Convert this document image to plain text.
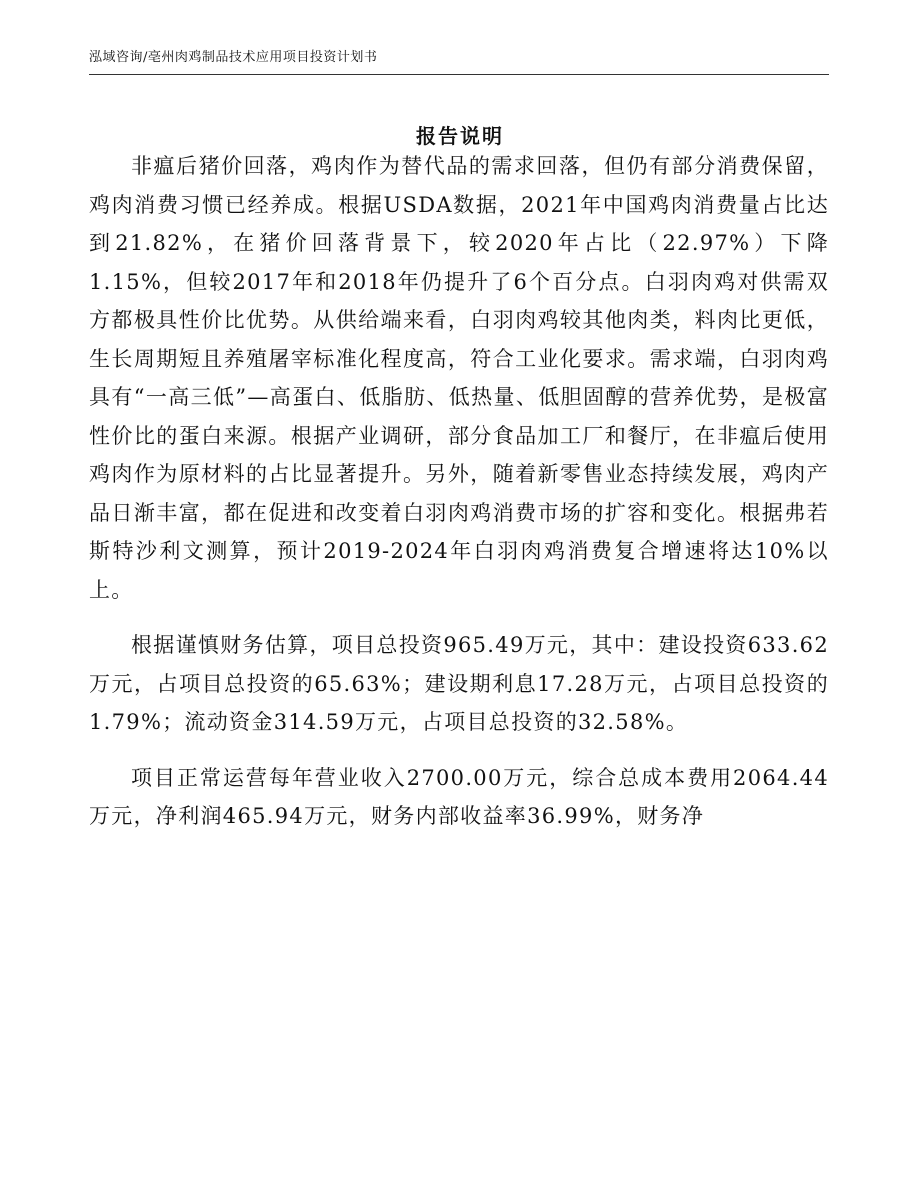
泓域咨询/亳州肉鸡制品技术应用项目投资计划书
报告说明

非瘟后猪价回落，鸡肉作为替代品的需求回落，但仍有部分消费保留，鸡肉消费习惯已经养成。根据USDA数据，2021年中国鸡肉消费量占比达到21.82%，在猪价回落背景下，较2020年占比（22.97%）下降1.15%，但较2017年和2018年仍提升了6个百分点。白羽肉鸡对供需双方都极具性价比优势。从供给端来看，白羽肉鸡较其他肉类，料肉比更低，生长周期短且养殖屠宰标准化程度高，符合工业化要求。需求端，白羽肉鸡具有“一高三低”—高蛋白、低脂肪、低热量、低胆固醇的营养优势，是极富性价比的蛋白来源。根据产业调研，部分食品加工厂和餐厅，在非瘟后使用鸡肉作为原材料的占比显著提升。另外，随着新零售业态持续发展，鸡肉产品日渐丰富，都在促进和改变着白羽肉鸡消费市场的扩容和变化。根据弗若斯特沙利文测算，预计2019-2024年白羽肉鸡消费复合增速将达10%以上。

根据谨慎财务估算，项目总投资965.49万元，其中：建设投资633.62万元，占项目总投资的65.63%；建设期利息17.28万元，占项目总投资的1.79%；流动资金314.59万元，占项目总投资的32.58%。

项目正常运营每年营业收入2700.00万元，综合总成本费用2064.44万元，净利润465.94万元，财务内部收益率36.99%，财务净
